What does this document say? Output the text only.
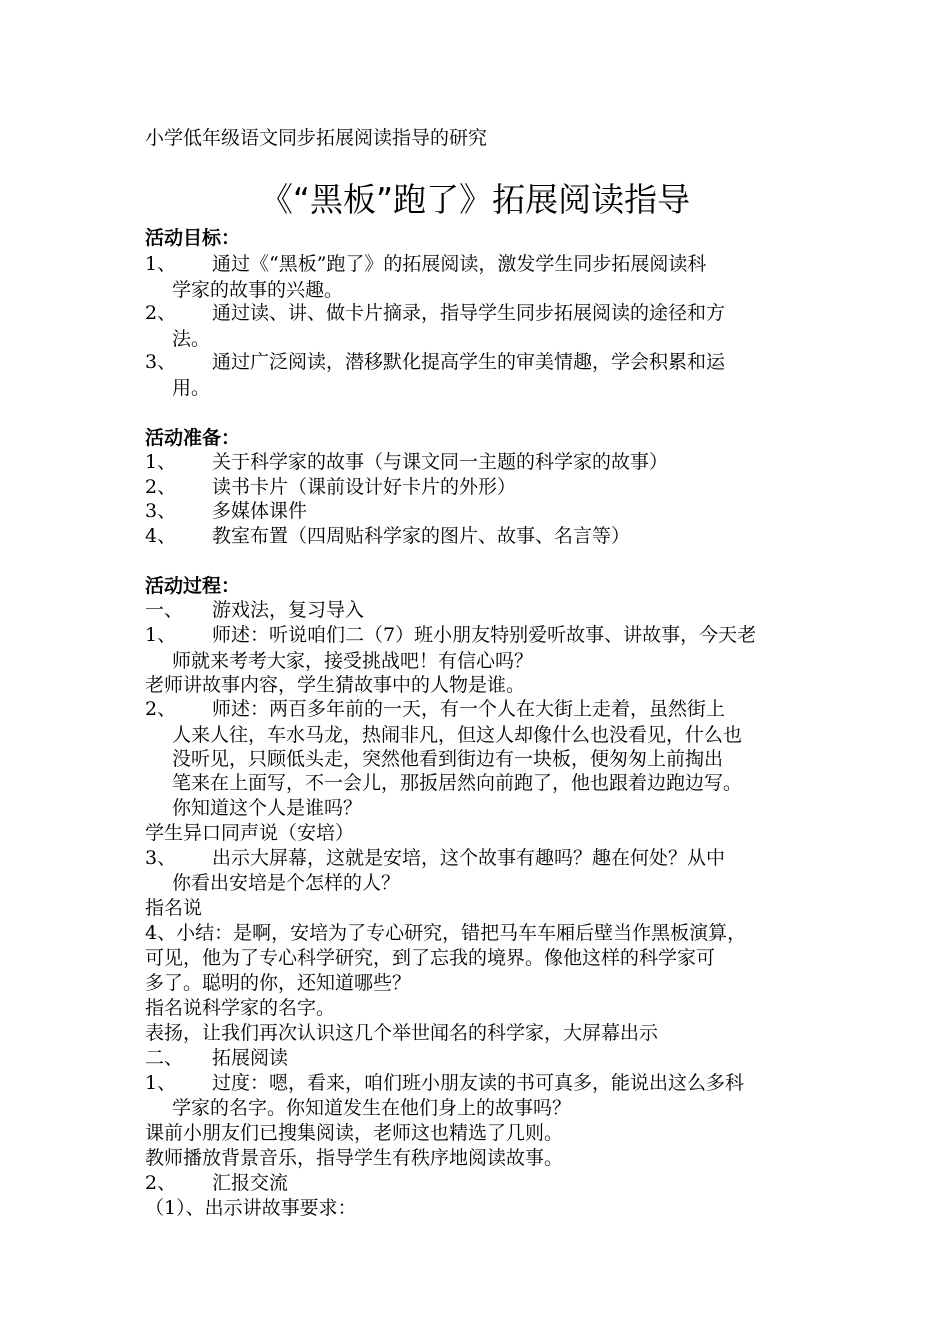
小学低年级语文同步拓展阅读指导的研究
《“黑板”跑了》拓展阅读指导
活动目标：
1、 通过《“黑板”跑了》的拓展阅读，激发学生同步拓展阅读科
学家的故事的兴趣。
2、 通过读、讲、做卡片摘录，指导学生同步拓展阅读的途径和方
法。
3、 通过广泛阅读，潜移默化提高学生的审美情趣，学会积累和运
用。
活动准备：
1、 关于科学家的故事（与课文同一主题的科学家的故事）
2、 读书卡片（课前设计好卡片的外形）
3、 多媒体课件
4、 教室布置（四周贴科学家的图片、故事、名言等）
活动过程：
一、 游戏法，复习导入
1、 师述：听说咱们二（7）班小朋友特别爱听故事、讲故事，今天老
师就来考考大家，接受挑战吧！有信心吗？
老师讲故事内容，学生猜故事中的人物是谁。
2、 师述：两百多年前的一天，有一个人在大街上走着，虽然街上
人来人往，车水马龙，热闹非凡，但这人却像什么也没看见，什么也
没听见，只顾低头走，突然他看到街边有一块板，便匆匆上前掏出
笔来在上面写，不一会儿，那扳居然向前跑了，他也跟着边跑边写。
你知道这个人是谁吗？
学生异口同声说（安培）
3、 出示大屏幕，这就是安培，这个故事有趣吗？趣在何处？从中
你看出安培是个怎样的人？
指名说
4、小结：是啊，安培为了专心研究，错把马车车厢后壁当作黑板演算，
可见，他为了专心科学研究，到了忘我的境界。像他这样的科学家可
多了。聪明的你，还知道哪些？
指名说科学家的名字。
表扬，让我们再次认识这几个举世闻名的科学家，大屏幕出示
二、 拓展阅读
1、 过度：嗯，看来，咱们班小朋友读的书可真多，能说出这么多科
学家的名字。你知道发生在他们身上的故事吗？
课前小朋友们已搜集阅读，老师这也精选了几则。
教师播放背景音乐，指导学生有秩序地阅读故事。
2、 汇报交流
（1）、出示讲故事要求：
